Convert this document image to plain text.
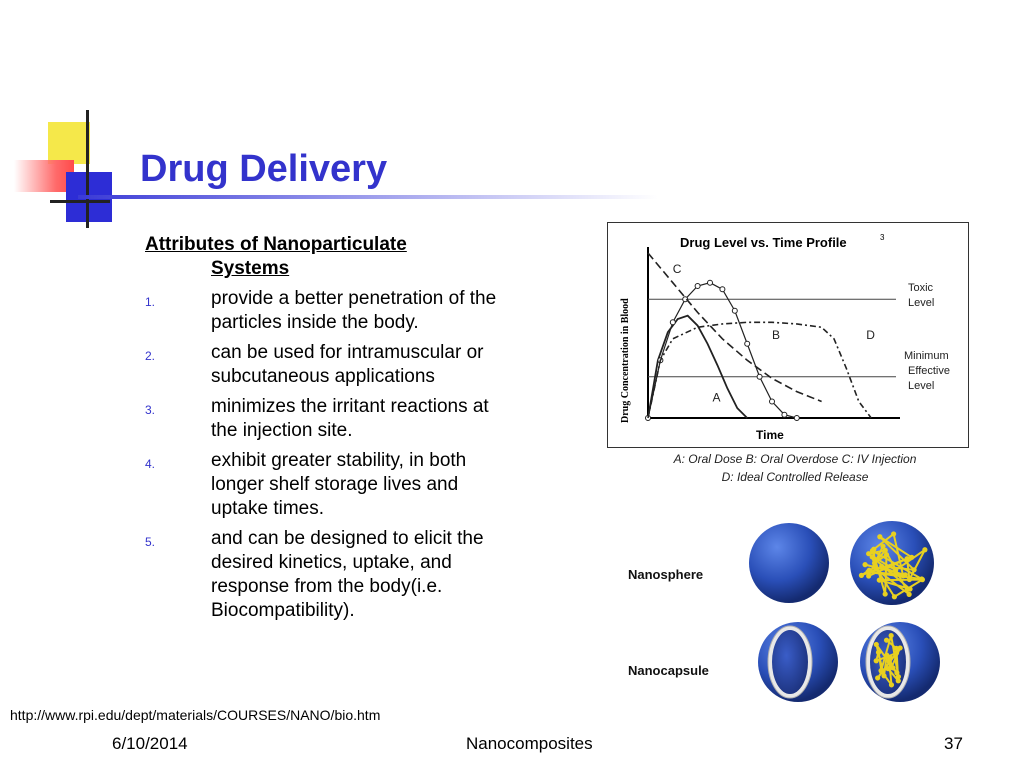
Drug Delivery
Attributes of Nanoparticulate
Systems
1.	provide a better penetration of the particles inside the body.
2.	can be used for intramuscular or subcutaneous applications
3.	minimizes the irritant reactions at the injection site.
4.	exhibit greater stability, in both longer shelf storage lives and uptake times.
5.	and can be designed to elicit the desired kinetics, uptake, and response from the body(i.e. Biocompatibility).
Drug Level vs. Time Profile	3
Time
Drug Concentration in Blood
Toxic
Level
Minimum
Effective
Level
A
B
C
D
A: Oral Dose B: Oral Overdose C: IV Injection
D: Ideal Controlled Release
Nanosphere
Nanocapsule
http://www.rpi.edu/dept/materials/COURSES/NANO/bio.htm
6/10/2014	Nanocomposites	37
